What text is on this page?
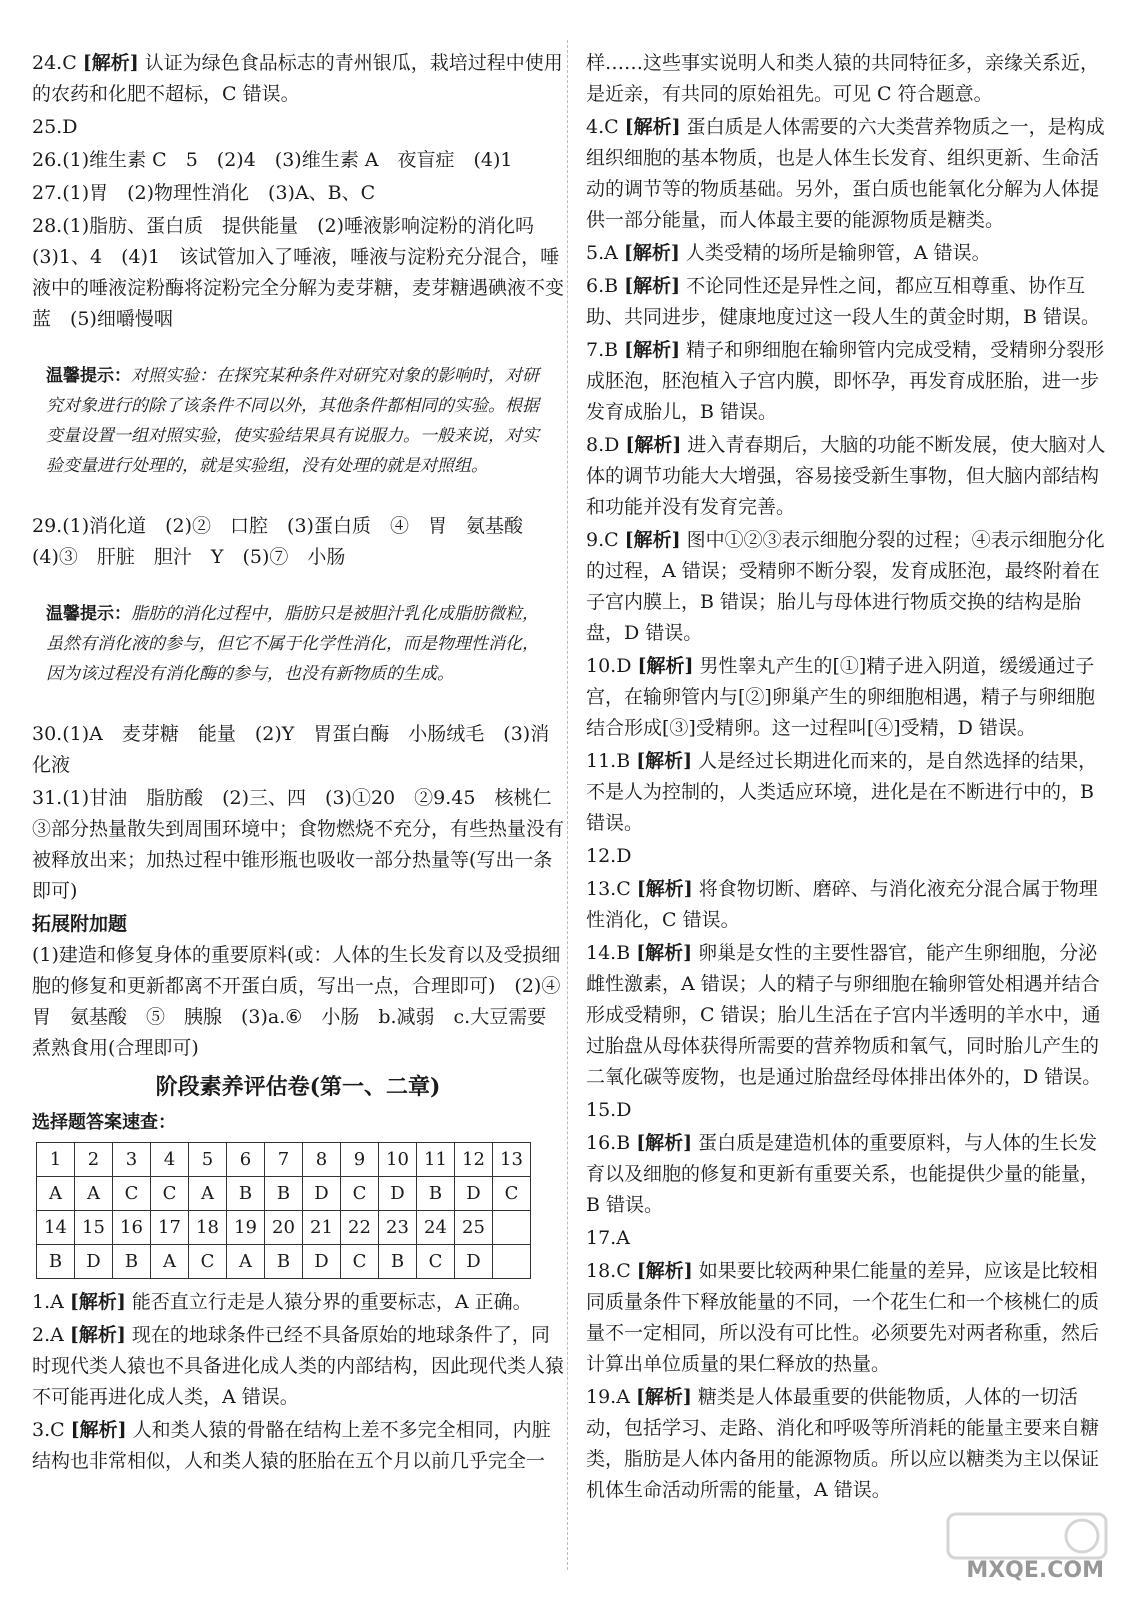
24.C [解析] 认证为绿色食品标志的青州银瓜，栽培过程中使用的农药和化肥不超标，C 错误。
25.D
26.(1)维生素 C　5　(2)4　(3)维生素 A　夜盲症　(4)1
27.(1)胃　(2)物理性消化　(3)A、B、C
28.(1)脂肪、蛋白质　提供能量　(2)唾液影响淀粉的消化吗　(3)1、4　(4)1　该试管加入了唾液，唾液与淀粉充分混合，唾液中的唾液淀粉酶将淀粉完全分解为麦芽糖，麦芽糖遇碘液不变蓝　(5)细嚼慢咽
温馨提示：对照实验：在探究某种条件对研究对象的影响时，对研究对象进行的除了该条件不同以外，其他条件都相同的实验。根据变量设置一组对照实验，使实验结果具有说服力。一般来说，对实验变量进行处理的，就是实验组，没有处理的就是对照组。
29.(1)消化道　(2)②　口腔　(3)蛋白质　④　胃　氨基酸　(4)③　肝脏　胆汁　Y　(5)⑦　小肠
温馨提示：脂肪的消化过程中，脂肪只是被胆汁乳化成脂肪微粒，虽然有消化液的参与，但它不属于化学性消化，而是物理性消化，因为该过程没有消化酶的参与，也没有新物质的生成。
30.(1)A　麦芽糖　能量　(2)Y　胃蛋白酶　小肠绒毛　(3)消化液
31.(1)甘油　脂肪酸　(2)三、四　(3)①20　②9.45　核桃仁　③部分热量散失到周围环境中；食物燃烧不充分，有些热量没有被释放出来；加热过程中锥形瓶也吸收一部分热量等(写出一条即可)
拓展附加题
(1)建造和修复身体的重要原料(或：人体的生长发育以及受损细胞的修复和更新都离不开蛋白质，写出一点，合理即可)　(2)④　胃　氨基酸　⑤　胰腺　(3)a.⑥　小肠　b.减弱　c.大豆需要煮熟食用(合理即可)
阶段素养评估卷(第一、二章)
选择题答案速查：
1	2	3	4	5	6	7	8	9	10	11	12	13
A	A	C	C	A	B	B	D	C	D	B	D	C
14	15	16	17	18	19	20	21	22	23	24	25	
B	D	B	A	C	A	B	D	C	B	C	D	
1.A [解析] 能否直立行走是人猿分界的重要标志，A 正确。
2.A [解析] 现在的地球条件已经不具备原始的地球条件了，同时现代类人猿也不具备进化成人类的内部结构，因此现代类人猿不可能再进化成人类，A 错误。
3.C [解析] 人和类人猿的骨骼在结构上差不多完全相同，内脏结构也非常相似，人和类人猿的胚胎在五个月以前几乎完全一
样……这些事实说明人和类人猿的共同特征多，亲缘关系近，是近亲，有共同的原始祖先。可见 C 符合题意。
4.C [解析] 蛋白质是人体需要的六大类营养物质之一，是构成组织细胞的基本物质，也是人体生长发育、组织更新、生命活动的调节等的物质基础。另外，蛋白质也能氧化分解为人体提供一部分能量，而人体最主要的能源物质是糖类。
5.A [解析] 人类受精的场所是输卵管，A 错误。
6.B [解析] 不论同性还是异性之间，都应互相尊重、协作互助、共同进步，健康地度过这一段人生的黄金时期，B 错误。
7.B [解析] 精子和卵细胞在输卵管内完成受精，受精卵分裂形成胚泡，胚泡植入子宫内膜，即怀孕，再发育成胚胎，进一步发育成胎儿，B 错误。
8.D [解析] 进入青春期后，大脑的功能不断发展，使大脑对人体的调节功能大大增强，容易接受新生事物，但大脑内部结构和功能并没有发育完善。
9.C [解析] 图中①②③表示细胞分裂的过程；④表示细胞分化的过程，A 错误；受精卵不断分裂，发育成胚泡，最终附着在子宫内膜上，B 错误；胎儿与母体进行物质交换的结构是胎盘，D 错误。
10.D [解析] 男性睾丸产生的[①]精子进入阴道，缓缓通过子宫，在输卵管内与[②]卵巢产生的卵细胞相遇，精子与卵细胞结合形成[③]受精卵。这一过程叫[④]受精，D 错误。
11.B [解析] 人是经过长期进化而来的，是自然选择的结果，不是人为控制的，人类适应环境，进化是在不断进行中的，B 错误。
12.D
13.C [解析] 将食物切断、磨碎、与消化液充分混合属于物理性消化，C 错误。
14.B [解析] 卵巢是女性的主要性器官，能产生卵细胞，分泌雌性激素，A 错误；人的精子与卵细胞在输卵管处相遇并结合形成受精卵，C 错误；胎儿生活在子宫内半透明的羊水中，通过胎盘从母体获得所需要的营养物质和氧气，同时胎儿产生的二氧化碳等废物，也是通过胎盘经母体排出体外的，D 错误。
15.D
16.B [解析] 蛋白质是建造机体的重要原料，与人体的生长发育以及细胞的修复和更新有重要关系，也能提供少量的能量，B 错误。
17.A
18.C [解析] 如果要比较两种果仁能量的差异，应该是比较相同质量条件下释放能量的不同，一个花生仁和一个核桃仁的质量不一定相同，所以没有可比性。必须要先对两者称重，然后计算出单位质量的果仁释放的热量。
19.A [解析] 糖类是人体最重要的供能物质，人体的一切活动，包括学习、走路、消化和呼吸等所消耗的能量主要来自糖类，脂肪是人体内备用的能源物质。所以应以糖类为主以保证机体生命活动所需的能量，A 错误。
MXQE.COM
